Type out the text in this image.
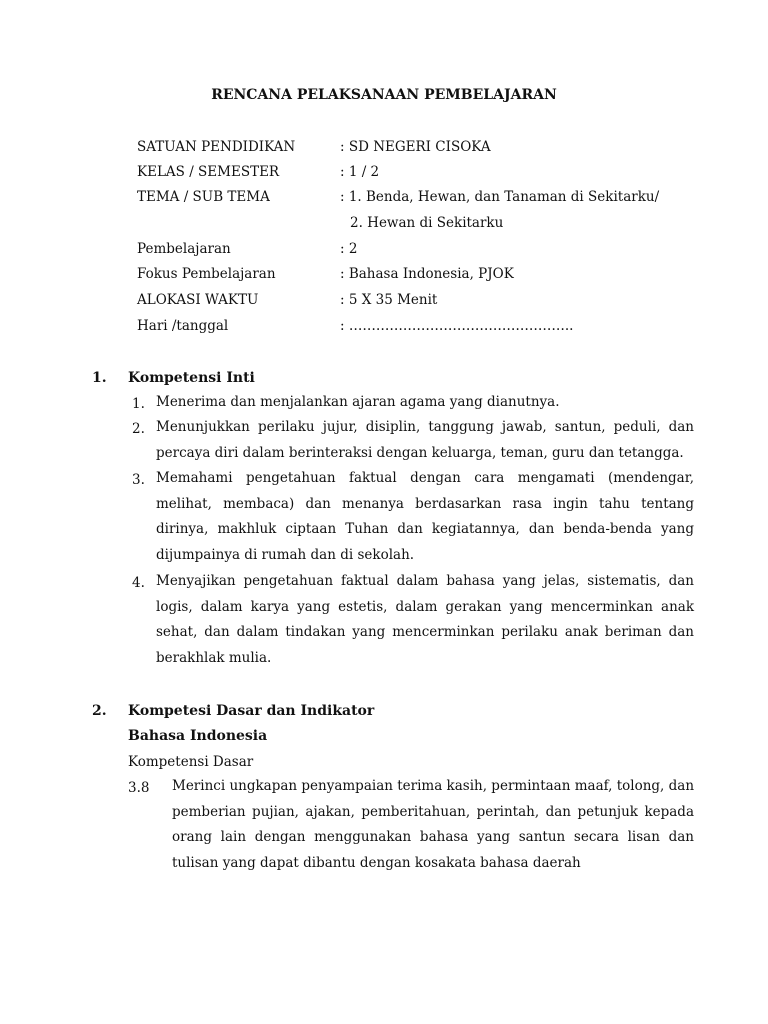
RENCANA PELAKSANAAN PEMBELAJARAN
SATUAN PENDIDIKAN	: SD NEGERI CISOKA
KELAS / SEMESTER	: 1 / 2
TEMA / SUB TEMA	: 1. Benda, Hewan, dan Tanaman di Sekitarku/
2. Hewan di Sekitarku
Pembelajaran	: 2
Fokus Pembelajaran	: Bahasa Indonesia, PJOK
ALOKASI WAKTU	: 5 X 35 Menit
Hari /tanggal	: …………………………………………..
1. Kompetensi Inti
1. Menerima dan menjalankan ajaran agama yang dianutnya.
2. Menunjukkan perilaku jujur, disiplin, tanggung jawab, santun, peduli, dan percaya diri dalam berinteraksi dengan keluarga, teman, guru dan tetangga.
3. Memahami pengetahuan faktual dengan cara mengamati (mendengar, melihat, membaca) dan menanya berdasarkan rasa ingin tahu tentang dirinya, makhluk ciptaan Tuhan dan kegiatannya, dan benda-benda yang dijumpainya di rumah dan di sekolah.
4. Menyajikan pengetahuan faktual dalam bahasa yang jelas, sistematis, dan logis, dalam karya yang estetis, dalam gerakan yang mencerminkan anak sehat, dan dalam tindakan yang mencerminkan perilaku anak beriman dan berakhlak mulia.
2. Kompetesi Dasar dan Indikator
Bahasa Indonesia
Kompetensi Dasar
3.8 Merinci ungkapan penyampaian terima kasih, permintaan maaf, tolong, dan pemberian pujian, ajakan, pemberitahuan, perintah, dan petunjuk kepada orang lain dengan menggunakan bahasa yang santun secara lisan dan tulisan yang dapat dibantu dengan kosakata bahasa daerah
